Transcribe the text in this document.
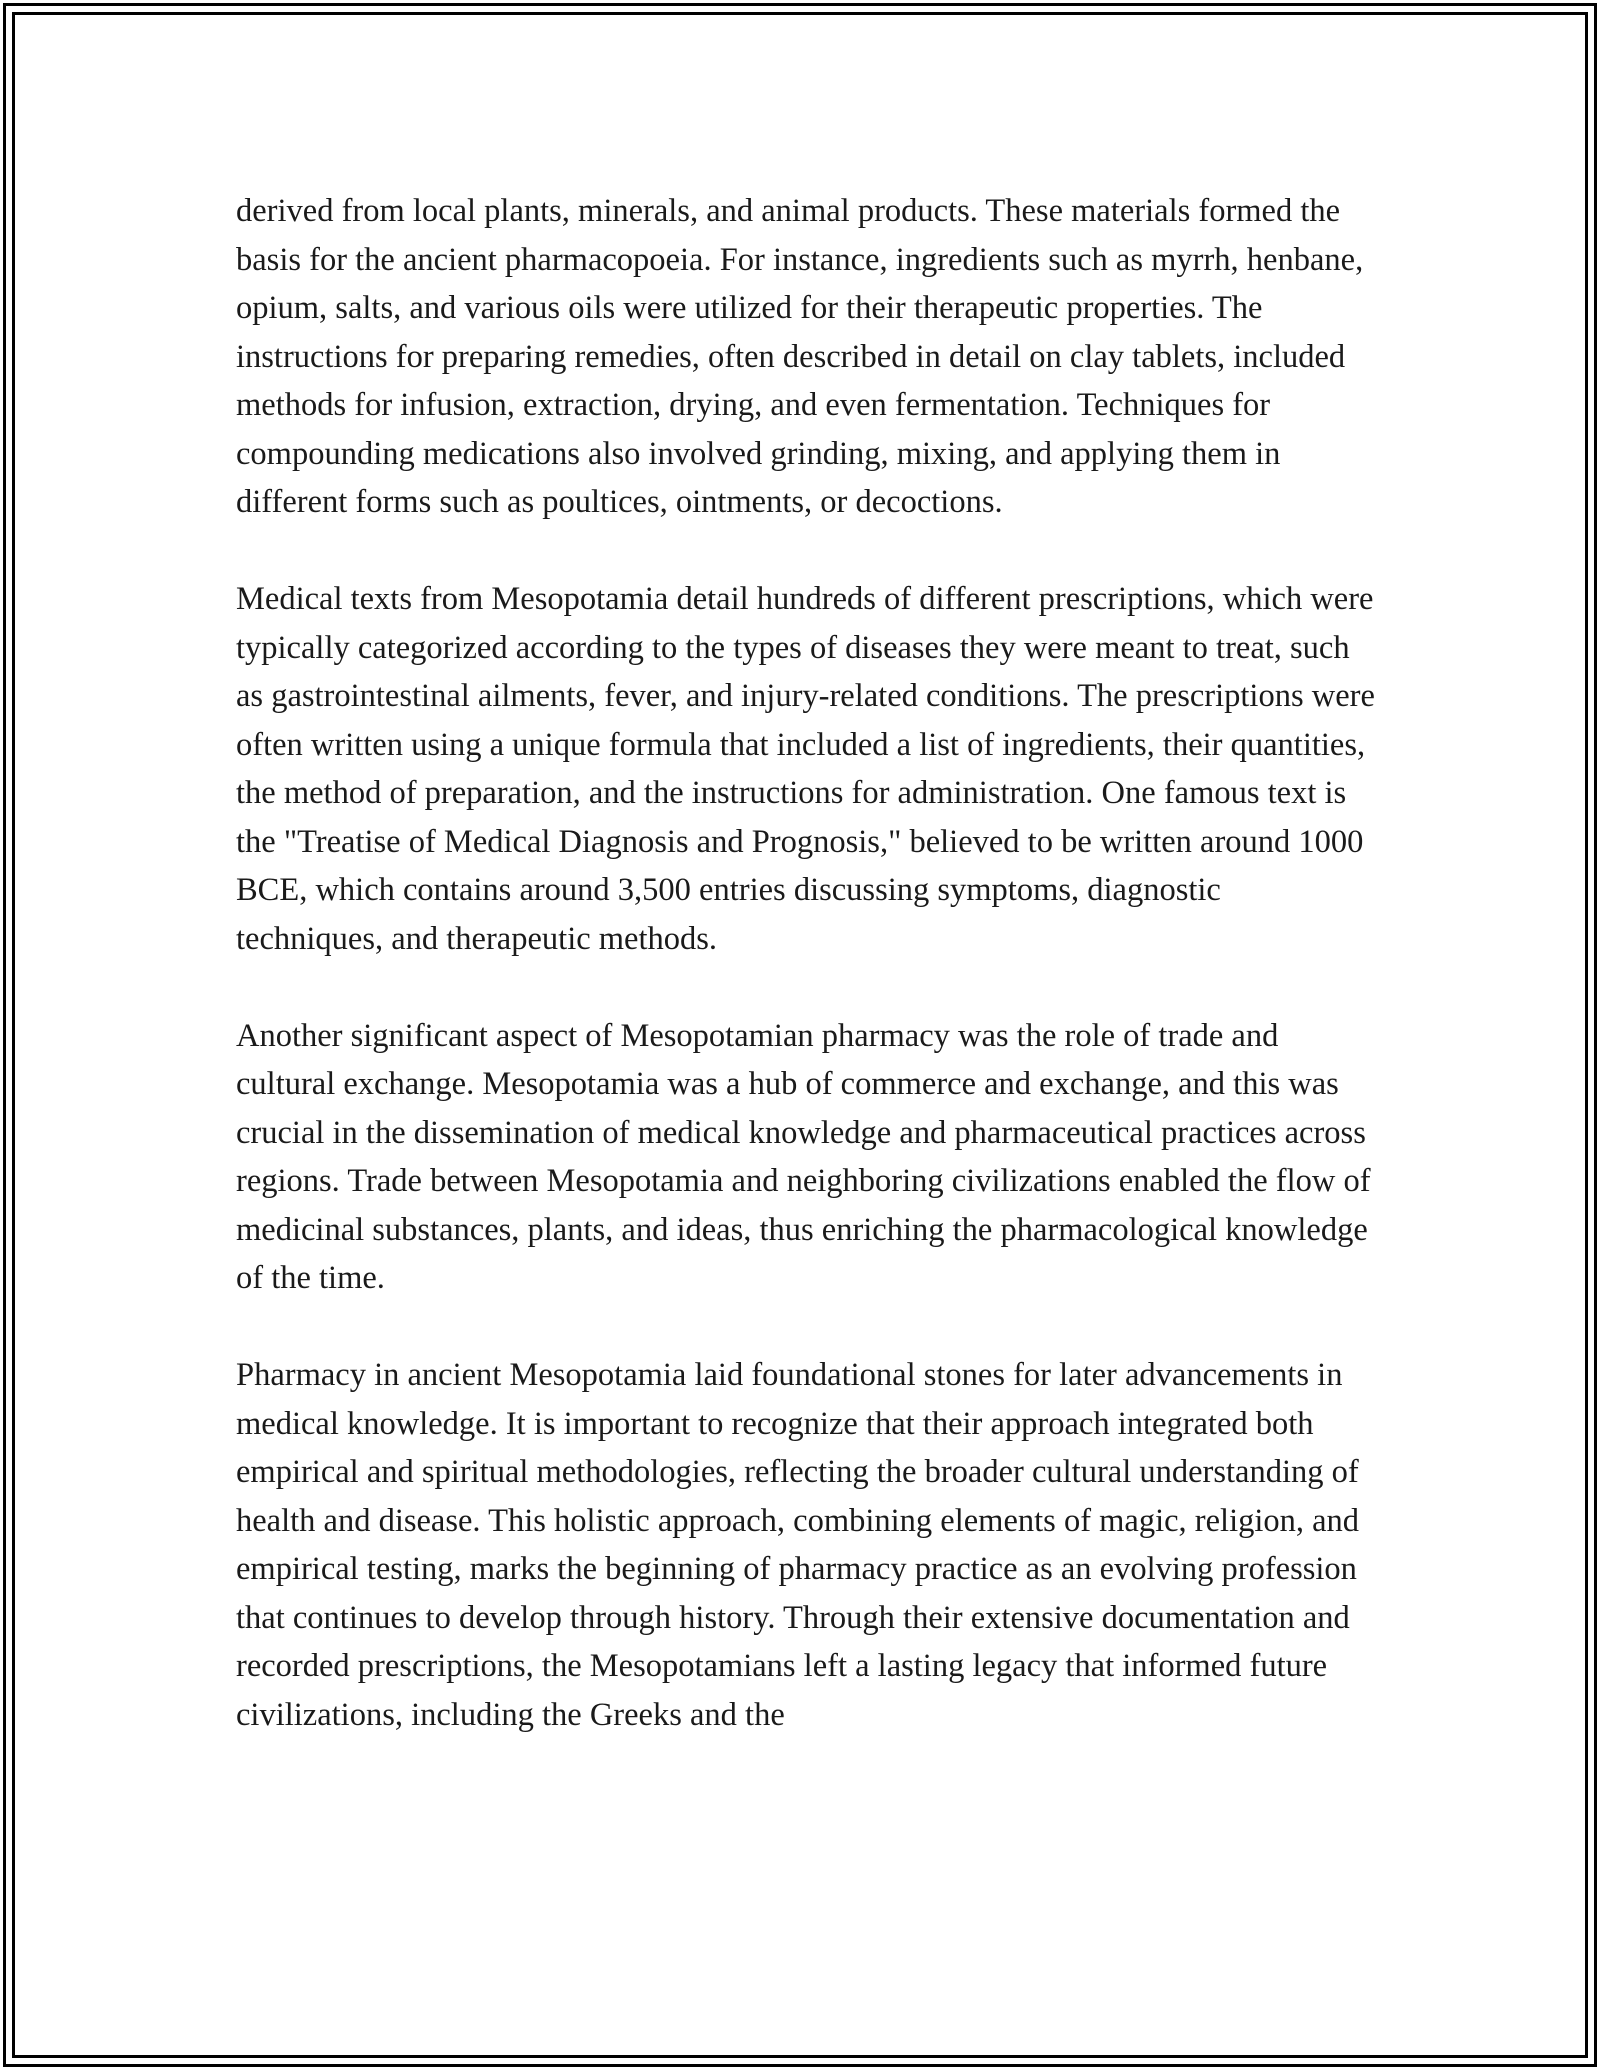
derived from local plants, minerals, and animal products. These materials formed the basis for the ancient pharmacopoeia. For instance, ingredients such as myrrh, henbane, opium, salts, and various oils were utilized for their therapeutic properties. The instructions for preparing remedies, often described in detail on clay tablets, included methods for infusion, extraction, drying, and even fermentation. Techniques for compounding medications also involved grinding, mixing, and applying them in different forms such as poultices, ointments, or decoctions.

Medical texts from Mesopotamia detail hundreds of different prescriptions, which were typically categorized according to the types of diseases they were meant to treat, such as gastrointestinal ailments, fever, and injury-related conditions. The prescriptions were often written using a unique formula that included a list of ingredients, their quantities, the method of preparation, and the instructions for administration. One famous text is the "Treatise of Medical Diagnosis and Prognosis," believed to be written around 1000 BCE, which contains around 3,500 entries discussing symptoms, diagnostic techniques, and therapeutic methods.

Another significant aspect of Mesopotamian pharmacy was the role of trade and cultural exchange. Mesopotamia was a hub of commerce and exchange, and this was crucial in the dissemination of medical knowledge and pharmaceutical practices across regions. Trade between Mesopotamia and neighboring civilizations enabled the flow of medicinal substances, plants, and ideas, thus enriching the pharmacological knowledge of the time.

Pharmacy in ancient Mesopotamia laid foundational stones for later advancements in medical knowledge. It is important to recognize that their approach integrated both empirical and spiritual methodologies, reflecting the broader cultural understanding of health and disease. This holistic approach, combining elements of magic, religion, and empirical testing, marks the beginning of pharmacy practice as an evolving profession that continues to develop through history. Through their extensive documentation and recorded prescriptions, the Mesopotamians left a lasting legacy that informed future civilizations, including the Greeks and the
